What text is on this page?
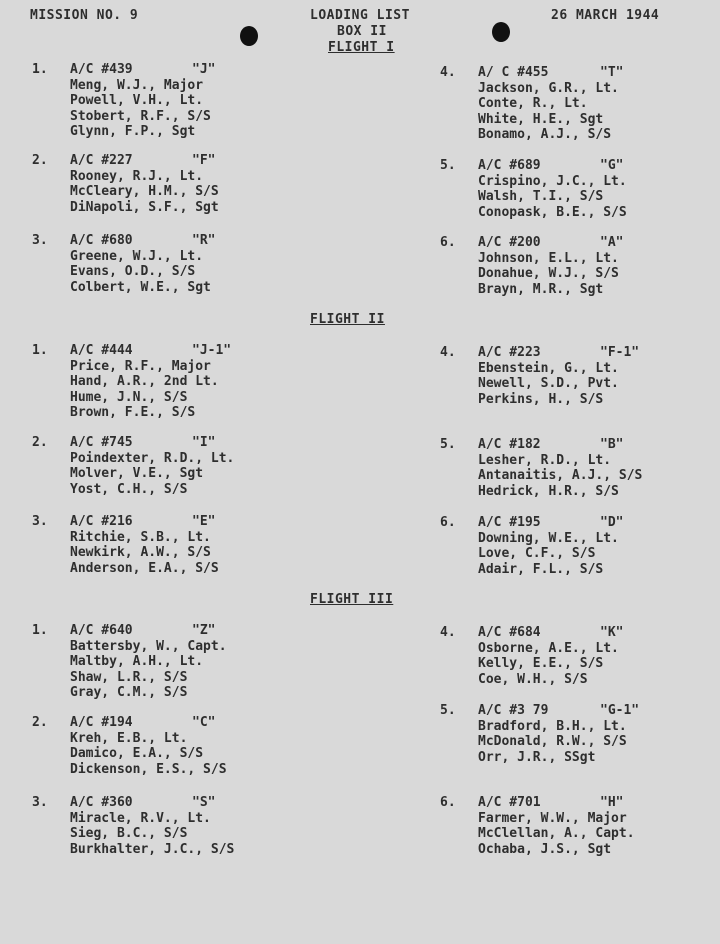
MISSION NO. 9	LOADING LIST
BOX II
26 MARCH 1944
FLIGHT I
1. A/C #439	"J"
Meng, W.J., Major
Powell, V.H., Lt.
Stobert, R.F., S/S
Glynn, F.P., Sgt
2. A/C #227	"F"
Rooney, R.J., Lt.
McCleary, H.M., S/S
DiNapoli, S.F., Sgt
3. A/C #680	"R"
Greene, W.J., Lt.
Evans, O.D., S/S
Colbert, W.E., Sgt
4. A/ C #455	"T"
Jackson, G.R., Lt.
Conte, R., Lt.
White, H.E., Sgt
Bonamo, A.J., S/S
5. A/C #689	"G"
Crispino, J.C., Lt.
Walsh, T.I., S/S
Conopask, B.E., S/S
6. A/C #200	"A"
Johnson, E.L., Lt.
Donahue, W.J., S/S
Brayn, M.R., Sgt
FLIGHT II
1. A/C #444	"J-1"
Price, R.F., Major
Hand, A.R., 2nd Lt.
Hume, J.N., S/S
Brown, F.E., S/S
2. A/C #745	"I"
Poindexter, R.D., Lt.
Molver, V.E., Sgt
Yost, C.H., S/S
3. A/C #216	"E"
Ritchie, S.B., Lt.
Newkirk, A.W., S/S
Anderson, E.A., S/S
4. A/C #223	"F-1"
Ebenstein, G., Lt.
Newell, S.D., Pvt.
Perkins, H., S/S
5. A/C #182	"B"
Lesher, R.D., Lt.
Antanaitis, A.J., S/S
Hedrick, H.R., S/S
6. A/C #195	"D"
Downing, W.E., Lt.
Love, C.F., S/S
Adair, F.L., S/S
FLIGHT III
1. A/C #640	"Z"
Battersby, W., Capt.
Maltby, A.H., Lt.
Shaw, L.R., S/S
Gray, C.M., S/S
2. A/C #194	"C"
Kreh, E.B., Lt.
Damico, E.A., S/S
Dickenson, E.S., S/S
3. A/C #360	"S"
Miracle, R.V., Lt.
Sieg, B.C., S/S
Burkhalter, J.C., S/S
4. A/C #684	"K"
Osborne, A.E., Lt.
Kelly, E.E., S/S
Coe, W.H., S/S
5. A/C #3 79	"G-1"
Bradford, B.H., Lt.
McDonald, R.W., S/S
Orr, J.R., SSgt
6. A/C #701	"H"
Farmer, W.W., Major
McClellan, A., Capt.
Ochaba, J.S., Sgt
